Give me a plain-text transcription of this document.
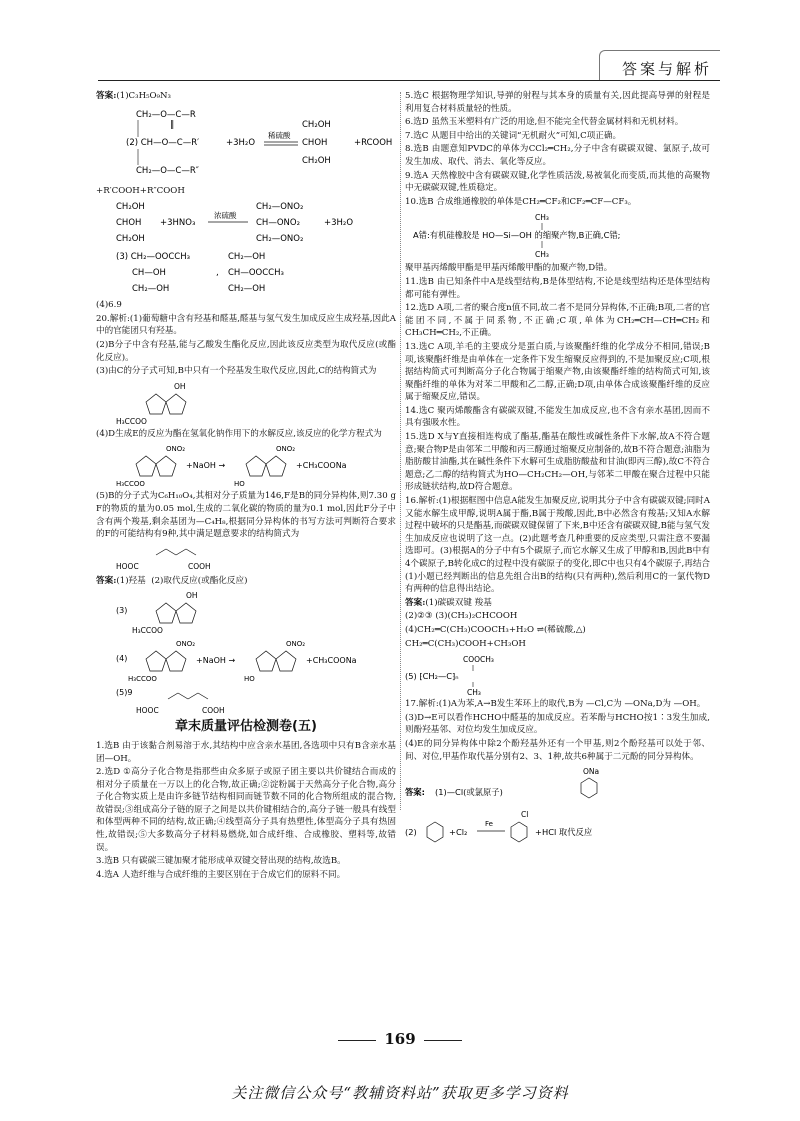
答案与解析

答案:(1)C₃H₅O₉N₃

CH₂—O—C—R
‖
(2) CH—O—C—R′	+3H₂O
稀硫酸
CH₂OH
CHOH
CH₂OH
+RCOOH
CH₂—O—C—R″

+R′COOH+R″COOH

CH₂OH
CHOH
CH₂OH
+3HNO₃
浓硫酸
CH₂—ONO₂
CH—ONO₂
CH₂—ONO₂
+3H₂O
(3) CH₂—OOCCH₃
CH—OH
CH₂—OH
,
CH₂—OH
CH—OOCCH₃
CH₂—OH

(4)6.9

20.解析:(1)葡萄糖中含有羟基和醛基,醛基与氢气发生加成反应生成羟基,因此A中的官能团只有羟基。

(2)B分子中含有羟基,能与乙酸发生酯化反应,因此该反应类型为取代反应(或酯化反应)。

(3)由C的分子式可知,B中只有一个羟基发生取代反应,因此,C的结构简式为

OH
H₃CCOO

(4)D生成E的反应为酯在氢氧化钠作用下的水解反应,该反应的化学方程式为

ONO₂
H₃CCOO
+NaOH →
ONO₂
HO
+CH₃COONa

(5)B的分子式为C₆H₁₀O₄,其相对分子质量为146,F是B的同分异构体,则7.30 g F的物质的量为0.05 mol,生成的二氧化碳的物质的量为0.1 mol,因此F分子中含有两个羧基,剩余基团为—C₄H₈,根据同分异构体的书写方法可判断符合要求的F的可能结构有9种,其中满足题意要求的结构简式为

HOOC	COOH

答案:(1)羟基 (2)取代反应(或酯化反应)

(3)
OH
H₃CCOO
(4)
ONO₂
H₃CCOO
+NaOH →
ONO₂
HO
+CH₃COONa
(5)9
HOOC	COOH
章末质量评估检测卷(五)

1.选B 由于该黏合剂易溶于水,其结构中应含亲水基团,各选项中只有B含亲水基团—OH。

2.选D ①高分子化合物是指那些由众多原子或原子团主要以共价键结合而成的相对分子质量在一万以上的化合物,故正确;②淀粉属于天然高分子化合物,高分子化合物实质上是由许多链节结构相同而链节数不同的化合物所组成的混合物,故错误;③组成高分子链的原子之间是以共价键相结合的,高分子链一般具有线型和体型两种不同的结构,故正确;④线型高分子具有热塑性,体型高分子具有热固性,故错误;⑤大多数高分子材料易燃烧,如合成纤维、合成橡胶、塑料等,故错误。

3.选B 只有碳碳三键加聚才能形成单双键交替出现的结构,故选B。

4.选A 人造纤维与合成纤维的主要区别在于合成它们的原料不同。

5.选C 根据物理学知识,导弹的射程与其本身的质量有关,因此提高导弹的射程是利用复合材料质量轻的性质。

6.选D 虽然玉米塑料有广泛的用途,但不能完全代替金属材料和无机材料。

7.选C 从题目中给出的关键词“无机耐火”可知,C项正确。

8.选B 由题意知PVDC的单体为CCl₂═CH₂,分子中含有碳碳双键、氯原子,故可发生加成、取代、消去、氧化等反应。

9.选A 天然橡胶中含有碳碳双键,化学性质活泼,易被氧化而变质,而其他的高聚物中无碳碳双键,性质稳定。

10.选B 合成维通橡胶的单体是CH₂═CF₂和CF₂═CF—CF₃。

CH₃
A错:有机硅橡胶是 HO—Si—OH 的缩聚产物,B正确,C错;
CH₃

聚甲基丙烯酸甲酯是甲基丙烯酸甲酯的加聚产物,D错。

11.选B 由已知条件中A是线型结构,B是体型结构,不论是线型结构还是体型结构都可能有弹性。

12.选D A项,二者的聚合度n值不同,故二者不是同分异构体,不正确;B项,二者的官能团不同,不属于同系物,不正确;C项,单体为CH₂═CH—CH═CH₂和CH₃CH═CH₂,不正确。

13.选C A项,羊毛的主要成分是蛋白质,与该聚酯纤维的化学成分不相同,错误;B项,该聚酯纤维是由单体在一定条件下发生缩聚反应得到的,不是加聚反应;C项,根据结构简式可判断高分子化合物属于缩聚产物,由该聚酯纤维的结构简式可知,该聚酯纤维的单体为对苯二甲酸和乙二醇,正确;D项,由单体合成该聚酯纤维的反应属于缩聚反应,错误。

14.选C 聚丙烯酸酯含有碳碳双键,不能发生加成反应,也不含有亲水基团,因而不具有强吸水性。

15.选D X与Y直接相连构成了酯基,酯基在酸性或碱性条件下水解,故A不符合题意;聚合物P是由邻苯二甲酸和丙三醇通过缩聚反应制备的,故B不符合题意;油脂为脂肪酸甘油酯,其在碱性条件下水解可生成脂肪酸盐和甘油(即丙三醇),故C不符合题意;乙二醇的结构简式为HO—CH₂CH₂—OH,与邻苯二甲酸在聚合过程中只能形成链状结构,故D符合题意。

16.解析:(1)根据框图中信息A能发生加聚反应,说明其分子中含有碳碳双键;同时A又能水解生成甲醇,说明A属于酯,B属于羧酸,因此,B中必然含有羧基;又知A水解过程中破坏的只是酯基,而碳碳双键保留了下来,B中还含有碳碳双键,B能与氢气发生加成反应也说明了这一点。(2)此题考查几种重要的反应类型,只需注意不要漏选即可。(3)根据A的分子中有5个碳原子,而它水解又生成了甲醇和B,因此B中有4个碳原子,B转化成C的过程中没有碳原子的变化,即C中也只有4个碳原子,再结合(1)小题已经判断出的信息先组合出B的结构(只有两种),然后利用C的一氯代物D有两种的信息得出结论。

答案:(1)碳碳双键 羧基

(2)②③ (3)(CH₃)₂CHCOOH

(4)CH₂═C(CH₃)COOCH₃+H₂O ⇌(稀硫酸,△)

CH₂═C(CH₃)COOH+CH₃OH

COOCH₃
(5) ⁅CH₂—C⁆ₙ
CH₃

17.解析:(1)A为苯,A→B发生苯环上的取代,B为 —Cl,C为 —ONa,D为 —OH。

(3)D→E可以看作HCHO中醛基的加成反应。若苯酚与HCHO按1∶3发生加成,则酚羟基邻、对位均发生加成反应。

(4)E的同分异构体中除2个酚羟基外还有一个甲基,则2个酚羟基可以处于邻、间、对位,甲基作取代基分别有2、3、1种,故共6种属于二元酚的同分异构体。

答案: (1)—Cl(或氯原子)
ONa
(2)	+Cl₂
Fe
Cl
+HCl 取代反应
169
关注微信公众号“教辅资料站”获取更多学习资料
